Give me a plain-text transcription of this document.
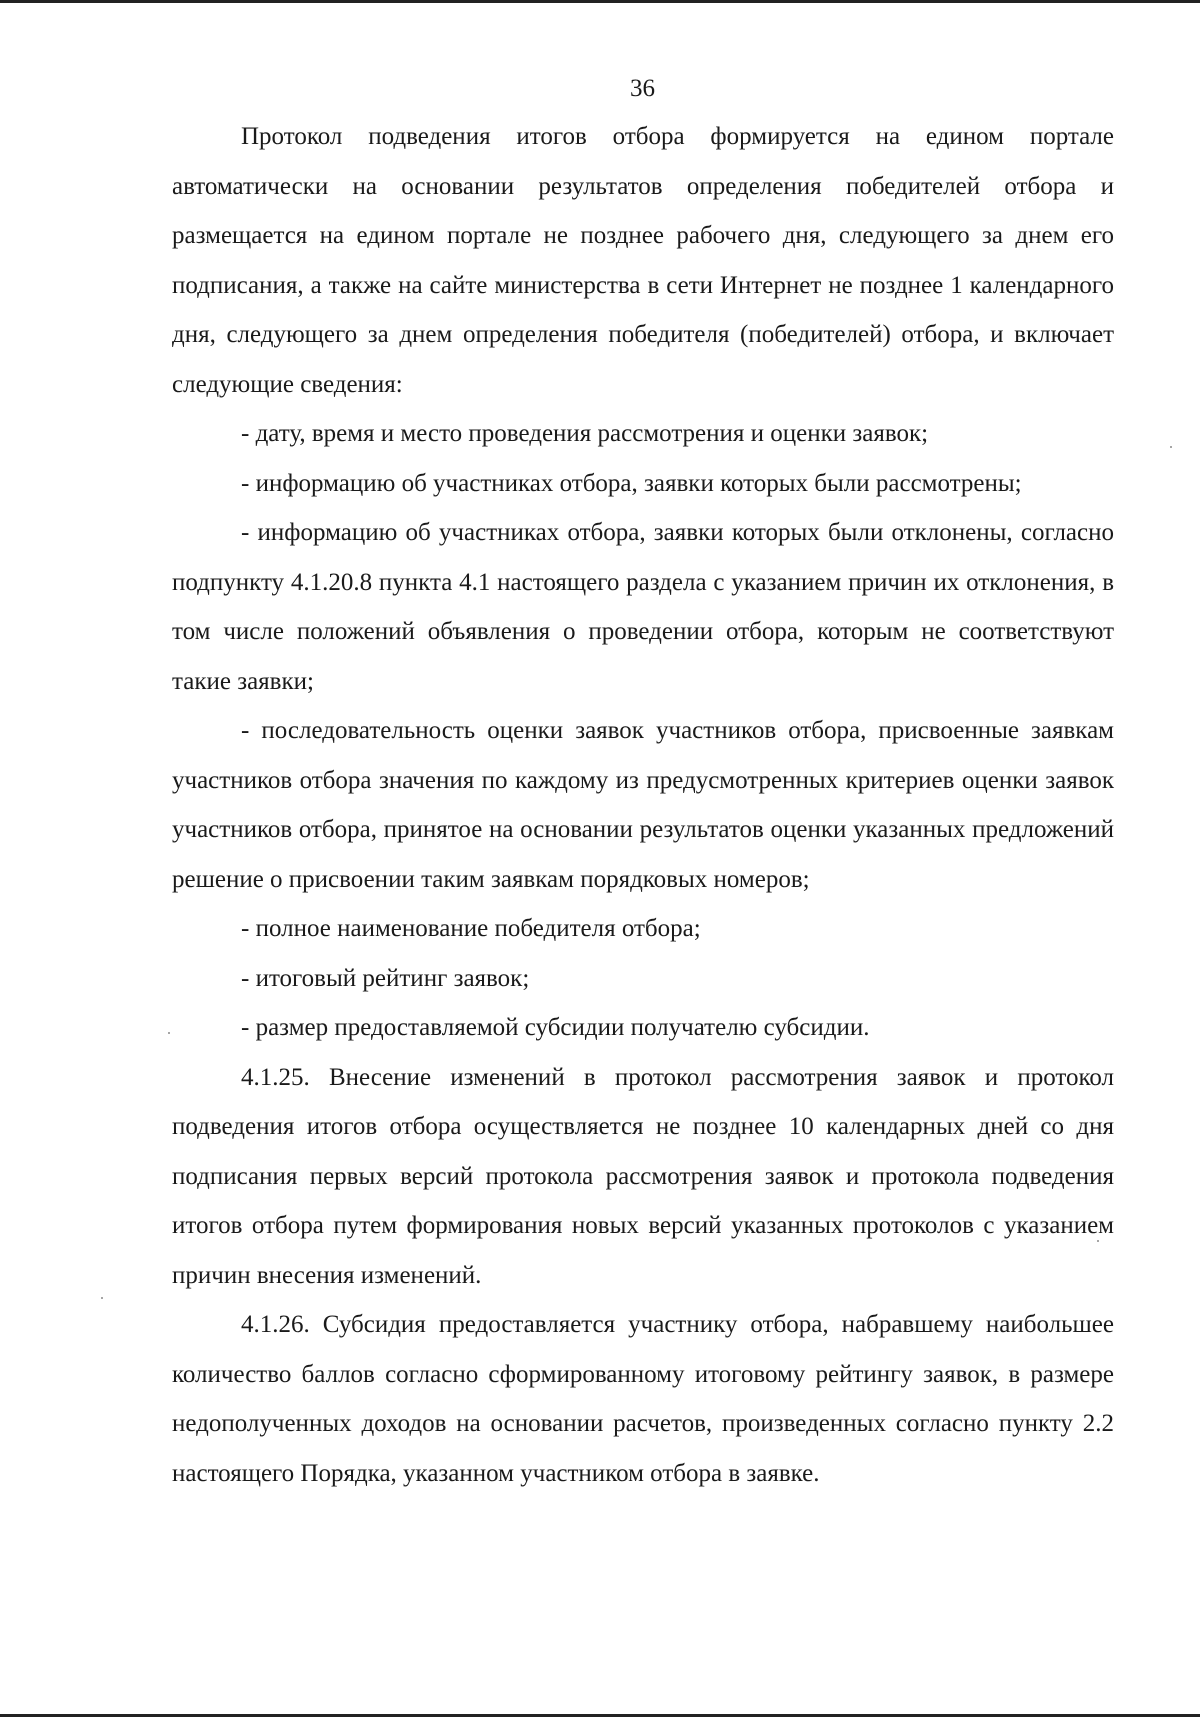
36

Протокол подведения итогов отбора формируется на едином портале автоматически на основании результатов определения победителей отбора и размещается на едином портале не позднее рабочего дня, следующего за днем его подписания, а также на сайте министерства в сети Интернет не позднее 1 календарного дня, следующего за днем определения победителя (победителей) отбора, и включает следующие сведения:

- дату, время и место проведения рассмотрения и оценки заявок;

- информацию об участниках отбора, заявки которых были рассмотрены;

- информацию об участниках отбора, заявки которых были отклонены, согласно подпункту 4.1.20.8 пункта 4.1 настоящего раздела с указанием причин их отклонения, в том числе положений объявления о проведении отбора, которым не соответствуют такие заявки;

- последовательность оценки заявок участников отбора, присвоенные заявкам участников отбора значения по каждому из предусмотренных критериев оценки заявок участников отбора, принятое на основании результатов оценки указанных предложений решение о присвоении таким заявкам порядковых номеров;

- полное наименование победителя отбора;

- итоговый рейтинг заявок;

- размер предоставляемой субсидии получателю субсидии.

4.1.25. Внесение изменений в протокол рассмотрения заявок и протокол подведения итогов отбора осуществляется не позднее 10 календарных дней со дня подписания первых версий протокола рассмотрения заявок и протокола подведения итогов отбора путем формирования новых версий указанных протоколов с указанием причин внесения изменений.

4.1.26. Субсидия предоставляется участнику отбора, набравшему наибольшее количество баллов согласно сформированному итоговому рейтингу заявок, в размере недополученных доходов на основании расчетов, произведенных согласно пункту 2.2 настоящего Порядка, указанном участником отбора в заявке.
